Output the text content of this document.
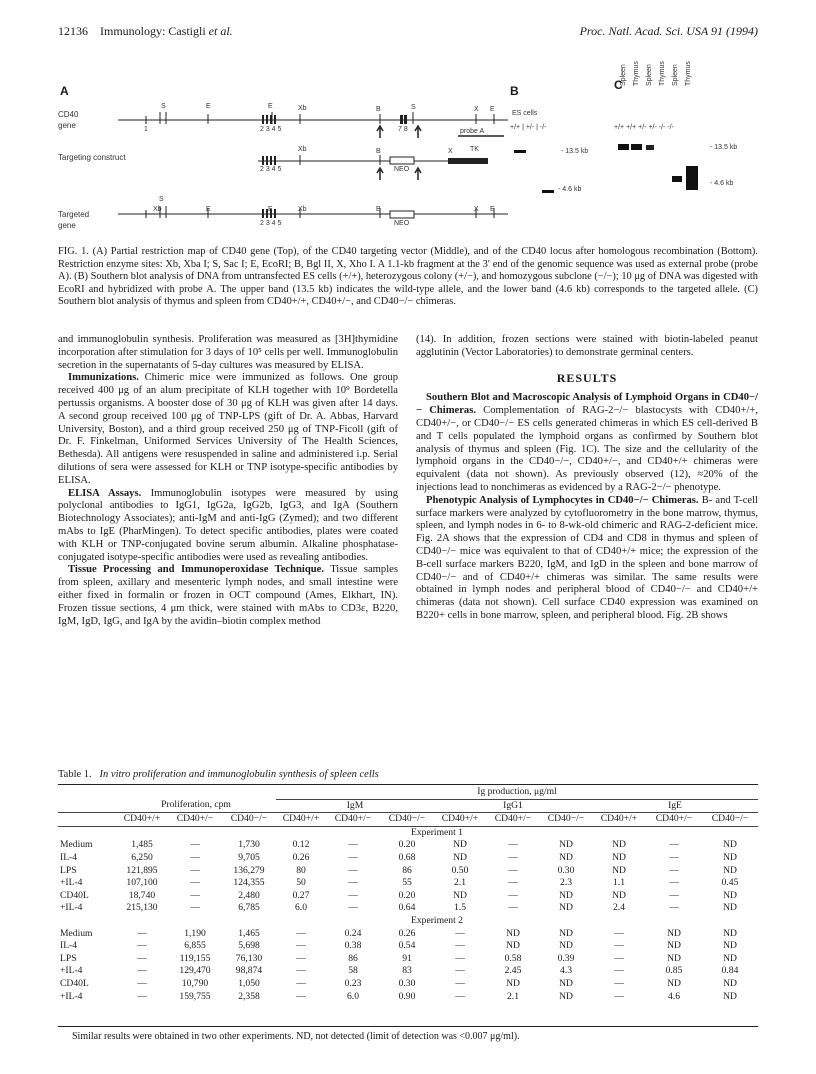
12136 Immunology: Castigli et al.	Proc. Natl. Acad. Sci. USA 91 (1994)
A	B	C
CD40
gene
Targeting construct
Targeted
gene
S	E	E	Xb	B	S	X E
1	2 3 4 5	7 8	probe A
Xb	B	X TK
2 3 4 5	NEO
S
Xb	E	E	Xb	B	X E
2 3 4 5	NEO
ES cells
+/+ | +/- | -/-
- 13.5 kb
- 4.6 kb
Spleen Thymus Spleen Thymus Spleen Thymus
+/+ +/+ +/- +/- -/- -/-
- 13.5 kb
- 4.6 kb
FIG. 1. (A) Partial restriction map of CD40 gene (Top), of the CD40 targeting vector (Middle), and of the CD40 locus after homologous recombination (Bottom). Restriction enzyme sites: Xb, Xba I; S, Sac I; E, EcoRI; B, Bgl II, X, Xho I. A 1.1-kb fragment at the 3′ end of the genomic sequence was used as external probe (probe A). (B) Southern blot analysis of DNA from untransfected ES cells (+/+), heterozygous colony (+/−), and homozygous subclone (−/−); 10 μg of DNA was digested with EcoRI and hybridized with probe A. The upper band (13.5 kb) indicates the wild-type allele, and the lower band (4.6 kb) corresponds to the targeted allele. (C) Southern blot analysis of thymus and spleen from CD40+/+, CD40+/−, and CD40−/− chimeras.

and immunoglobulin synthesis. Proliferation was measured as [3H]thymidine incorporation after stimulation for 3 days of 10⁵ cells per well. Immunoglobulin secretion in the supernatants of 5-day cultures was measured by ELISA.

Immunizations. Chimeric mice were immunized as follows. One group received 400 μg of an alum precipitate of KLH together with 10⁹ Bordetella pertussis organisms. A booster dose of 30 μg of KLH was given after 14 days. A second group received 100 μg of TNP-LPS (gift of Dr. A. Abbas, Harvard University, Boston), and a third group received 250 μg of TNP-Ficoll (gift of Dr. F. Finkelman, Uniformed Services University of The Health Sciences, Bethesda). All antigens were resuspended in saline and administered i.p. Serial dilutions of sera were assessed for KLH or TNP isotype-specific antibodies by ELISA.

ELISA Assays. Immunoglobulin isotypes were measured by using polyclonal antibodies to IgG1, IgG2a, IgG2b, IgG3, and IgA (Southern Biotechnology Associates); anti-IgM and anti-IgG (Zymed); and two different mAbs to IgE (PharMingen). To detect specific antibodies, plates were coated with KLH or TNP-conjugated bovine serum albumin. Alkaline phosphatase-conjugated isotype-specific antibodies were used as revealing antibodies.

Tissue Processing and Immunoperoxidase Technique. Tissue samples from spleen, axillary and mesenteric lymph nodes, and small intestine were either fixed in formalin or frozen in OCT compound (Ames, Elkhart, IN). Frozen tissue sections, 4 μm thick, were stained with mAbs to CD3ε, B220, IgM, IgD, IgG, and IgA by the avidin–biotin complex method

(14). In addition, frozen sections were stained with biotin-labeled peanut agglutinin (Vector Laboratories) to demonstrate germinal centers.

RESULTS

Southern Blot and Macroscopic Analysis of Lymphoid Organs in CD40−/− Chimeras. Complementation of RAG-2−/− blastocysts with CD40+/+, CD40+/−, or CD40−/− ES cells generated chimeras in which ES cell-derived B and T cells populated the lymphoid organs as confirmed by Southern blot analysis of thymus and spleen (Fig. 1C). The size and the cellularity of the lymphoid organs in the CD40−/−, CD40+/−, and CD40+/+ chimeras were equivalent (data not shown). As previously observed (12), ≈20% of the injections lead to nonchimeras as evidenced by a RAG-2−/− phenotype.

Phenotypic Analysis of Lymphocytes in CD40−/− Chimeras. B- and T-cell surface markers were analyzed by cytofluorometry in the bone marrow, thymus, spleen, and lymph nodes in 6- to 8-wk-old chimeric and RAG-2-deficient mice. Fig. 2A shows that the expression of CD4 and CD8 in thymus and spleen of CD40−/− mice was equivalent to that of CD40+/+ mice; the expression of the B-cell surface markers B220, IgM, and IgD in the spleen and bone marrow of CD40−/− and of CD40+/+ chimeras was similar. The same results were obtained in lymph nodes and peripheral blood of CD40−/− and CD40+/+ chimeras (data not shown). Cell surface CD40 expression was examined on B220+ cells in bone marrow, spleen, and peripheral blood. Fig. 2B shows

Table 1. In vitro proliferation and immunoglobulin synthesis of spleen cells
				Ig production, μg/ml								
	Proliferation, cpm			IgM			IgG1			IgE		
	CD40+/+	CD40+/−	CD40−/−	CD40+/+	CD40+/−	CD40−/−	CD40+/+	CD40+/−	CD40−/−	CD40+/+	CD40+/−	CD40−/−
	Experiment 1											
Medium	1,485	—	1,730	0.12	—	0.20	ND	—	ND	ND	—	ND
IL-4	6,250	—	9,705	0.26	—	0.68	ND	—	ND	ND	—	ND
LPS	121,895	—	136,279	80	—	86	0.50	—	0.30	ND	—	ND
+IL-4	107,100	—	124,355	50	—	55	2.1	—	2.3	1.1	—	0.45
CD40L	18,740	—	2,480	0.27	—	0.20	ND	—	ND	ND	—	ND
+IL-4	215,130	—	6,785	6.0	—	0.64	1.5	—	ND	2.4	—	ND
	Experiment 2											
Medium	—	1,190	1,465	—	0.24	0.26	—	ND	ND	—	ND	ND
IL-4	—	6,855	5,698	—	0.38	0.54	—	ND	ND	—	ND	ND
LPS	—	119,155	76,130	—	86	91	—	0.58	0.39	—	ND	ND
+IL-4	—	129,470	98,874	—	58	83	—	2.45	4.3	—	0.85	0.84
CD40L	—	10,790	1,050	—	0.23	0.30	—	ND	ND	—	ND	ND
+IL-4	—	159,755	2,358	—	6.0	0.90	—	2.1	ND	—	4.6	ND
Similar results were obtained in two other experiments. ND, not detected (limit of detection was <0.007 μg/ml).
